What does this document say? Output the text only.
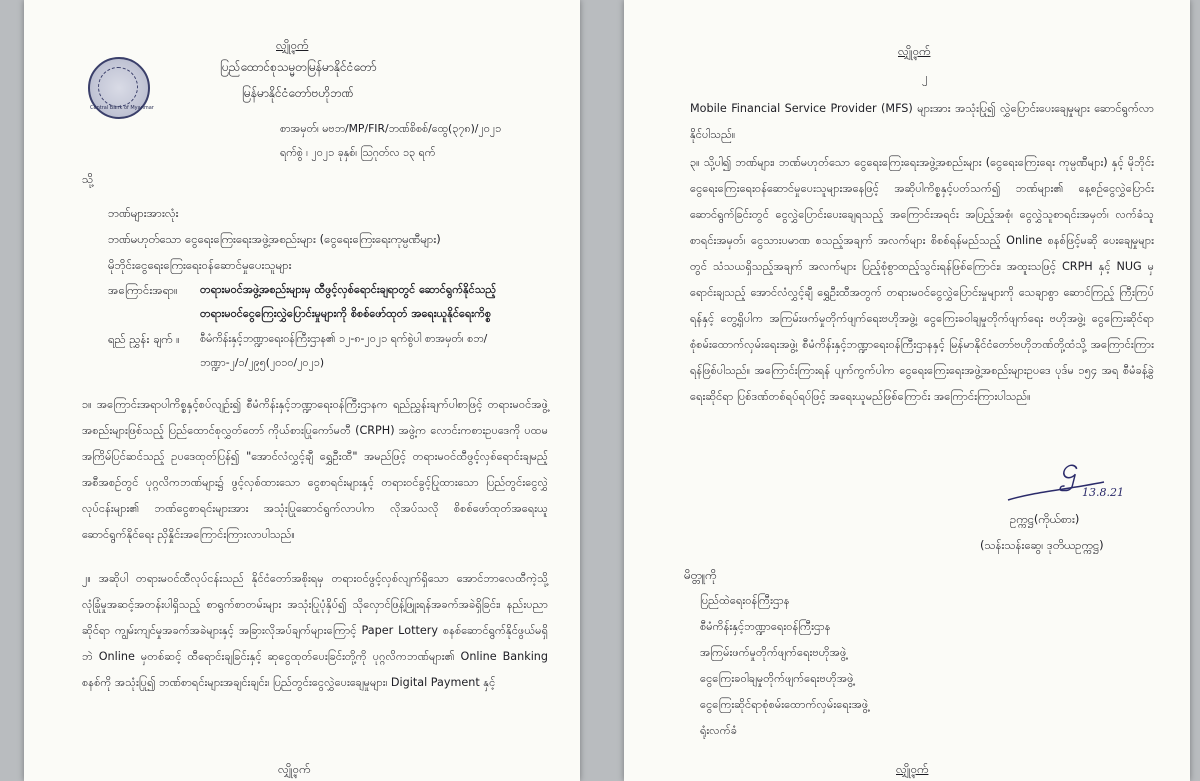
လျှို့ဝှက်
Central Bank of Myanmar
ပြည်ထောင်စုသမ္မတမြန်မာနိုင်ငံတော်
မြန်မာနိုင်ငံတော်ဗဟိုဘဏ်
စာအမှတ်၊ မဗဘ/MP/FIR/ဘဏ်စိစစ်/ထွေ(၃၇၈)/၂၀၂၁
ရက်စွဲ ၊ ၂၀၂၁ ခုနှစ်၊ ဩဂုတ်လ ၁၃ ရက်
သို့
ဘဏ်များအားလုံး
ဘဏ်မဟုတ်သော ငွေရေးကြေးရေးအဖွဲ့အစည်းများ (ငွေရေးကြေးရေးကုမ္ပဏီများ)
မိုဘိုင်းငွေရေးကြေးရေးဝန်ဆောင်မှုပေးသူများ
အကြောင်းအရာ။ တရားမဝင်အဖွဲ့အစည်းများမှ ထီဖွင့်လှစ်ရောင်းချရာတွင် ဆောင်ရွက်နိုင်သည့်
တရားမဝင်ငွေကြေးလွှဲပြောင်းမှုများကို စိစစ်ဖော်ထုတ် အရေးယူနိုင်ရေးကိစ္စ
ရည် ညွှန်း ချက် ။ စီမံကိန်းနှင့်ဘဏ္ဍာရေးဝန်ကြီးဌာန၏ ၁၂-၈-၂၀၂၁ ရက်စွဲပါ စာအမှတ်၊ စဘ/
ဘဏ္ဍာ-၂/၁/၂၉၅(၂၀၁၀/၂၀၂၁)
၁။ အကြောင်းအရာပါကိစ္စနှင့်စပ်လျဉ်း၍ စီမံကိန်းနှင့်ဘဏ္ဍာရေးဝန်ကြီးဌာနက ရည်ညွှန်းချက်ပါစာဖြင့် တရားမဝင်အဖွဲ့အစည်းများဖြစ်သည့် ပြည်ထောင်စုလွှတ်တော် ကိုယ်စားပြုကော်မတီ (CRPH) အဖွဲ့က လောင်းကစားဥပဒေကို ပထမအကြိမ်ပြင်ဆင်သည့် ဥပဒေထုတ်ပြန်၍ "အောင်လံလွှင့်ချီ ရွှေဦးထီ" အမည်ဖြင့် တရားမဝင်ထီဖွင့်လှစ်ရောင်းချမည့်အစီအစဉ်တွင် ပုဂ္ဂလိကဘဏ်များ၌ ဖွင့်လှစ်ထားသော ငွေစာရင်းများနှင့် တရားဝင်ခွင့်ပြုထားသော ပြည်တွင်းငွေလွှဲလုပ်ငန်းများ၏ ဘဏ်ငွေစာရင်းများအား အသုံးပြုဆောင်ရွက်လာပါက လိုအပ်သလို စိစစ်ဖော်ထုတ်အရေးယူ ဆောင်ရွက်နိုင်ရေး ညှိနှိုင်းအကြောင်းကြားလာပါသည်။
၂။ အဆိုပါ တရားမဝင်ထီလုပ်ငန်းသည် နိုင်ငံတော်အစိုးရမှ တရားဝင်ဖွင့်လှစ်လျက်ရှိသော အောင်ဘာလေထီကဲ့သို့ လုံခြုံမှုအဆင့်အတန်းပါရှိသည့် စာရွက်စာတမ်းများ အသုံးပြုပုံနှိပ်၍ သိုလှောင်ဖြန့်ဖြူးရန်အခက်အခဲရှိခြင်း၊ နည်းပညာဆိုင်ရာ ကျွမ်းကျင်မှုအခက်အခဲများနှင့် အခြားလိုအပ်ချက်များကြောင့် Paper Lottery စနစ်ဆောင်ရွက်နိုင်ဖွယ်မရှိဘဲ Online မှတစ်ဆင့် ထီရောင်းချခြင်းနှင့် ဆုငွေထုတ်ပေးခြင်းတို့ကို ပုဂ္ဂလိကဘဏ်များ၏ Online Banking စနစ်ကို အသုံးပြု၍ ဘဏ်စာရင်းများအချင်းချင်း၊ ပြည်တွင်းငွေလွှဲပေးချေမှုများ၊ Digital Payment နှင့်
လျှို့ဝှက်
လျှို့ဝှက်
၂
Mobile Financial Service Provider (MFS) များအား အသုံးပြု၍ လွှဲပြောင်းပေးချေမှုများ ဆောင်ရွက်လာနိုင်ပါသည်။
၃။ သို့ပါ၍ ဘဏ်များ၊ ဘဏ်မဟုတ်သော ငွေရေးကြေးရေးအဖွဲ့အစည်းများ (ငွေရေးကြေးရေး ကုမ္ပဏီများ) နှင့် မိုဘိုင်းငွေရေးကြေးရေးဝန်ဆောင်မှုပေးသူများအနေဖြင့် အဆိုပါကိစ္စနှင့်ပတ်သက်၍ ဘဏ်များ၏ နေ့စဉ်ငွေလွှဲပြောင်းဆောင်ရွက်ခြင်းတွင် ငွေလွှဲပြောင်းပေးချေရသည့် အကြောင်းအရင်း အပြည့်အစုံ၊ ငွေလွှဲသူစာရင်းအမှတ်၊ လက်ခံသူစာရင်းအမှတ်၊ ငွေသားပမာဏ စသည့်အချက် အလက်များ စိစစ်ရန်မည်သည့် Online စနစ်ဖြင့်မဆို ပေးချေမှုများတွင် သံသယရှိသည့်အချက် အလက်များ ပြည့်စုံစွာထည့်သွင်းရန်ဖြစ်ကြောင်း၊ အထူးသဖြင့် CRPH နှင့် NUG မှရောင်းချသည့် အောင်လံလွှင့်ချီ ရွှေဦးထီအတွက် တရားမဝင်ငွေလွှဲပြောင်းမှုများကို သေချာစွာ ဆောင်ကြည့် ကြီးကြပ်ရန်နှင့် တွေ့ရှိပါက အကြမ်းဖက်မှုတိုက်ဖျက်ရေးဗဟိုအဖွဲ့၊ ငွေကြေးခဝါချမှုတိုက်ဖျက်ရေး ဗဟိုအဖွဲ့၊ ငွေကြေးဆိုင်ရာစုံစမ်းထောက်လှမ်းရေးအဖွဲ့၊ စီမံကိန်းနှင့်ဘဏ္ဍာရေးဝန်ကြီးဌာနနှင့် မြန်မာနိုင်ငံတော်ဗဟိုဘဏ်တို့ထံသို့ အကြောင်းကြားရန်ဖြစ်ပါသည်။ အကြောင်းကြားရန် ပျက်ကွက်ပါက ငွေရေးကြေးရေးအဖွဲ့အစည်းများဥပဒေ ပုဒ်မ ၁၅၄ အရ စီမံခန့်ခွဲရေးဆိုင်ရာ ပြစ်ဒဏ်တစ်ရပ်ရပ်ဖြင့် အရေးယူမည်ဖြစ်ကြောင်း အကြောင်းကြားပါသည်။
ဌ
13.8.21
ဥက္ကဋ္ဌ(ကိုယ်စား)
(သန်းသန်းဆွေ၊ ဒုတိယဥက္ကဋ္ဌ)
မိတ္တူကို
ပြည်ထဲရေးဝန်ကြီးဌာန
စီမံကိန်းနှင့်ဘဏ္ဍာရေးဝန်ကြီးဌာန
အကြမ်းဖက်မှုတိုက်ဖျက်ရေးဗဟိုအဖွဲ့
ငွေကြေးခဝါချမှုတိုက်ဖျက်ရေးဗဟိုအဖွဲ့
ငွေကြေးဆိုင်ရာစုံစမ်းထောက်လှမ်းရေးအဖွဲ့
ရုံးလက်ခံ
လျှို့ဝှက်
